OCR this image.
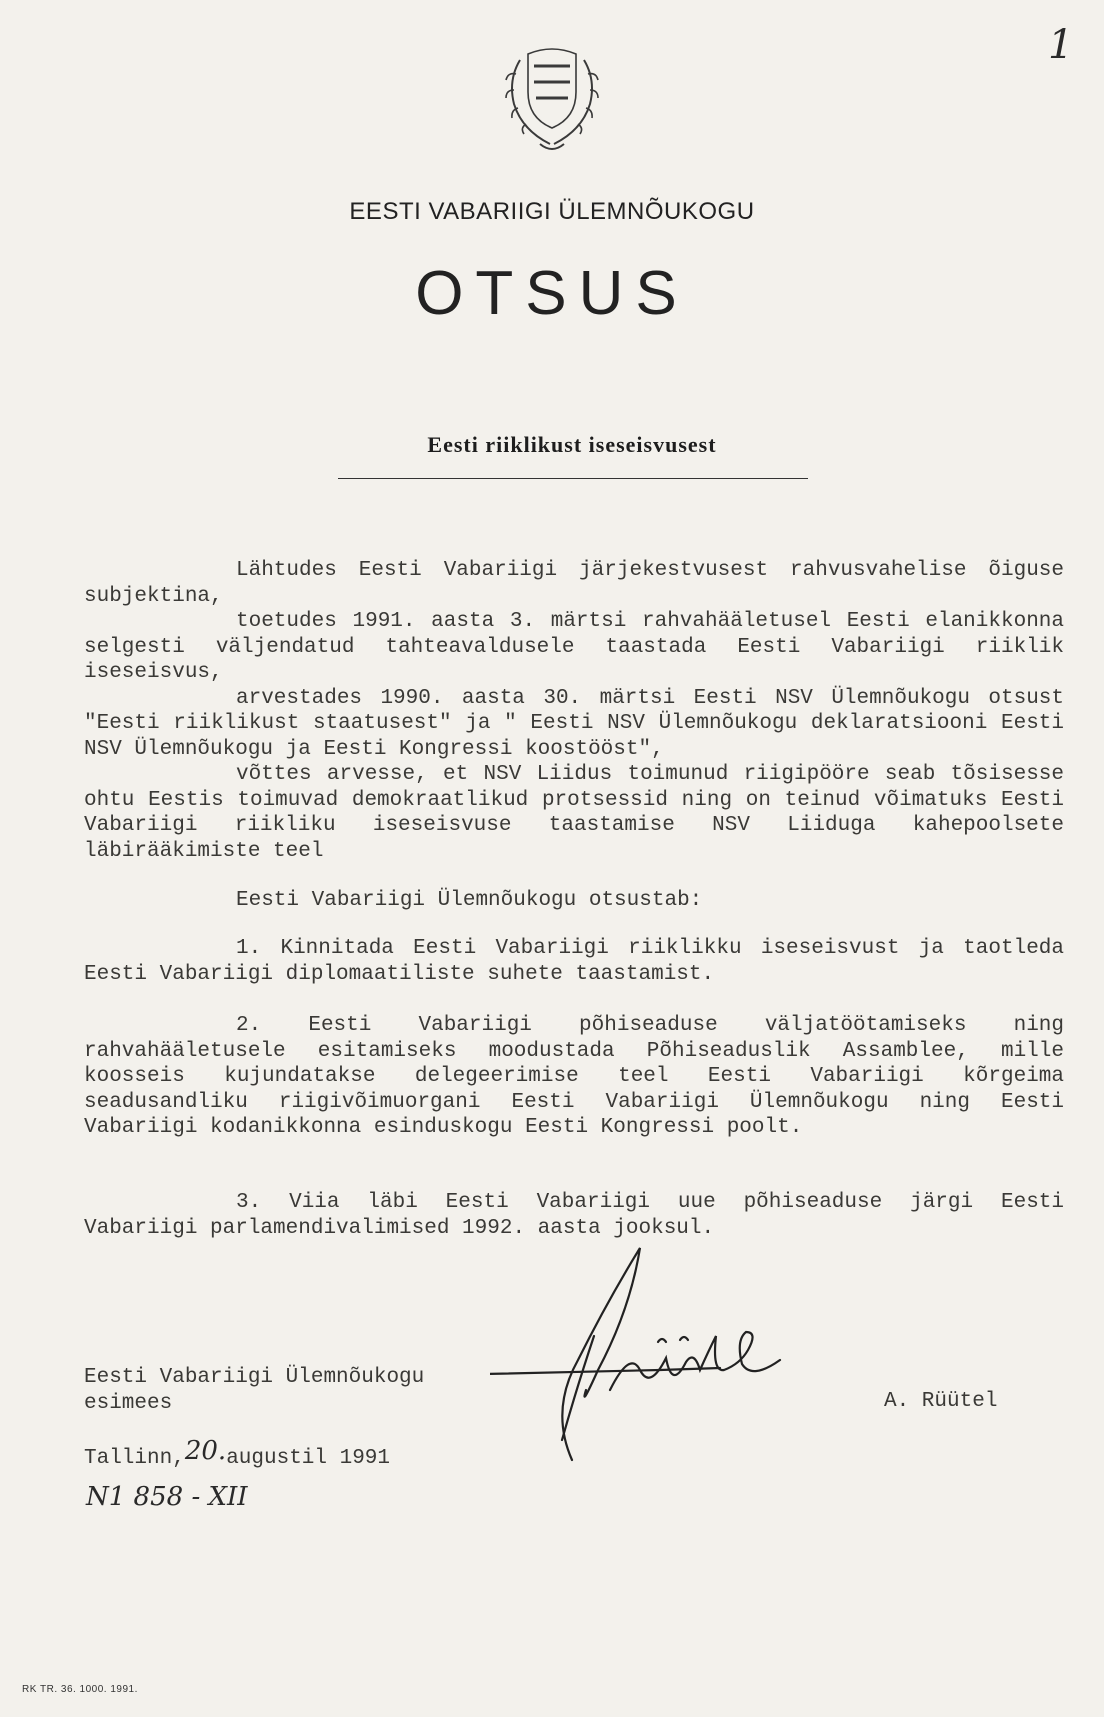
1
EESTI VABARIIGI ÜLEMNÕUKOGU
OTSUS
Eesti riiklikust iseseisvusest

Lähtudes Eesti Vabariigi järjekestvusest rahvusvahelise õiguse subjektina,

toetudes 1991. aasta 3. märtsi rahvahääletusel Eesti elanikkonna selgesti väljendatud tahteavaldusele taastada Eesti Vabariigi riiklik iseseisvus,

arvestades 1990. aasta 30. märtsi Eesti NSV Ülemnõukogu otsust "Eesti riiklikust staatusest" ja " Eesti NSV Ülemnõukogu deklaratsiooni Eesti NSV Ülemnõukogu ja Eesti Kongressi koostööst",

võttes arvesse, et NSV Liidus toimunud riigipööre seab tõsisesse ohtu Eestis toimuvad demokraatlikud protsessid ning on teinud võimatuks Eesti Vabariigi riikliku iseseisvuse taastamise NSV Liiduga kahepoolsete läbirääkimiste teel

Eesti Vabariigi Ülemnõukogu otsustab:

1. Kinnitada Eesti Vabariigi riiklikku iseseisvust ja taotleda Eesti Vabariigi diplomaatiliste suhete taastamist.

2. Eesti Vabariigi põhiseaduse väljatöötamiseks ning rahvahääletusele esitamiseks moodustada Põhiseaduslik Assamblee, mille koosseis kujundatakse delegeerimise teel Eesti Vabariigi kõrgeima seadusandliku riigivõimuorgani Eesti Vabariigi Ülemnõukogu ning Eesti Vabariigi kodanikkonna esinduskogu Eesti Kongressi poolt.

3. Viia läbi Eesti Vabariigi uue põhiseaduse järgi Eesti Vabariigi parlamendivalimised 1992. aasta jooksul.

Eesti Vabariigi Ülemnõukogu
esimees	A. Rüütel
Tallinn,20.augustil 1991
N1 858 - XII
RK TR. 36. 1000. 1991.
